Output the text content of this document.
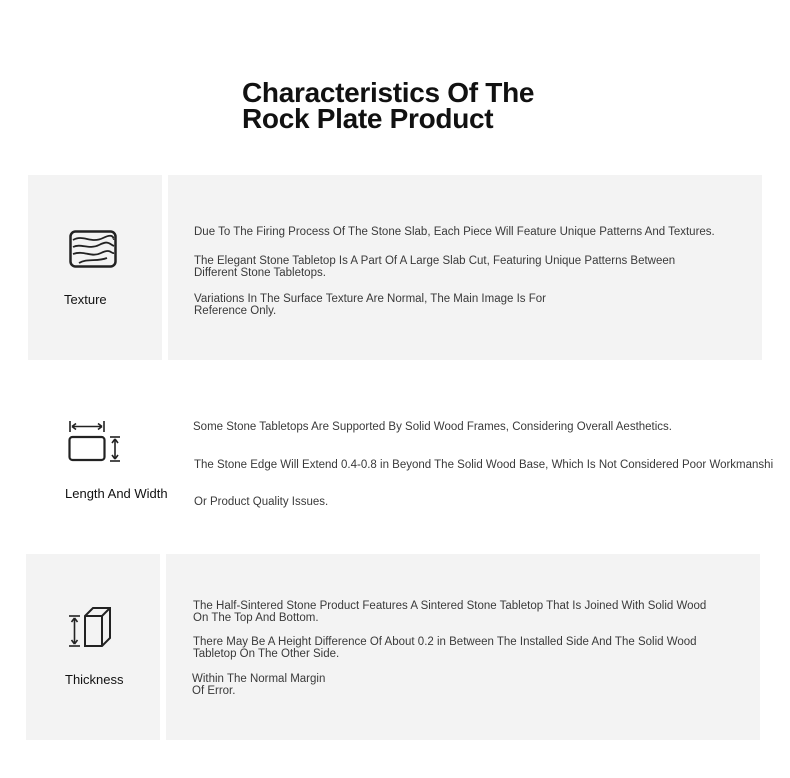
Characteristics Of The
Rock Plate Product
Texture

Due To The Firing Process Of The Stone Slab, Each Piece Will Feature Unique Patterns And Textures.

The Elegant Stone Tabletop Is A Part Of A Large Slab Cut, Featuring Unique Patterns Between
Different Stone Tabletops.

Variations In The Surface Texture Are Normal, The Main Image Is For
Reference Only.

Length And Width

Some Stone Tabletops Are Supported By Solid Wood Frames, Considering Overall Aesthetics.

The Stone Edge Will Extend 0.4-0.8 in Beyond The Solid Wood Base, Which Is Not Considered Poor Workmanshi

Or Product Quality Issues.

Thickness

The Half-Sintered Stone Product Features A Sintered Stone Tabletop That Is Joined With Solid Wood
On The Top And Bottom.

There May Be A Height Difference Of About 0.2 in Between The Installed Side And The Solid Wood
Tabletop On The Other Side.

Within The Normal Margin
Of Error.
